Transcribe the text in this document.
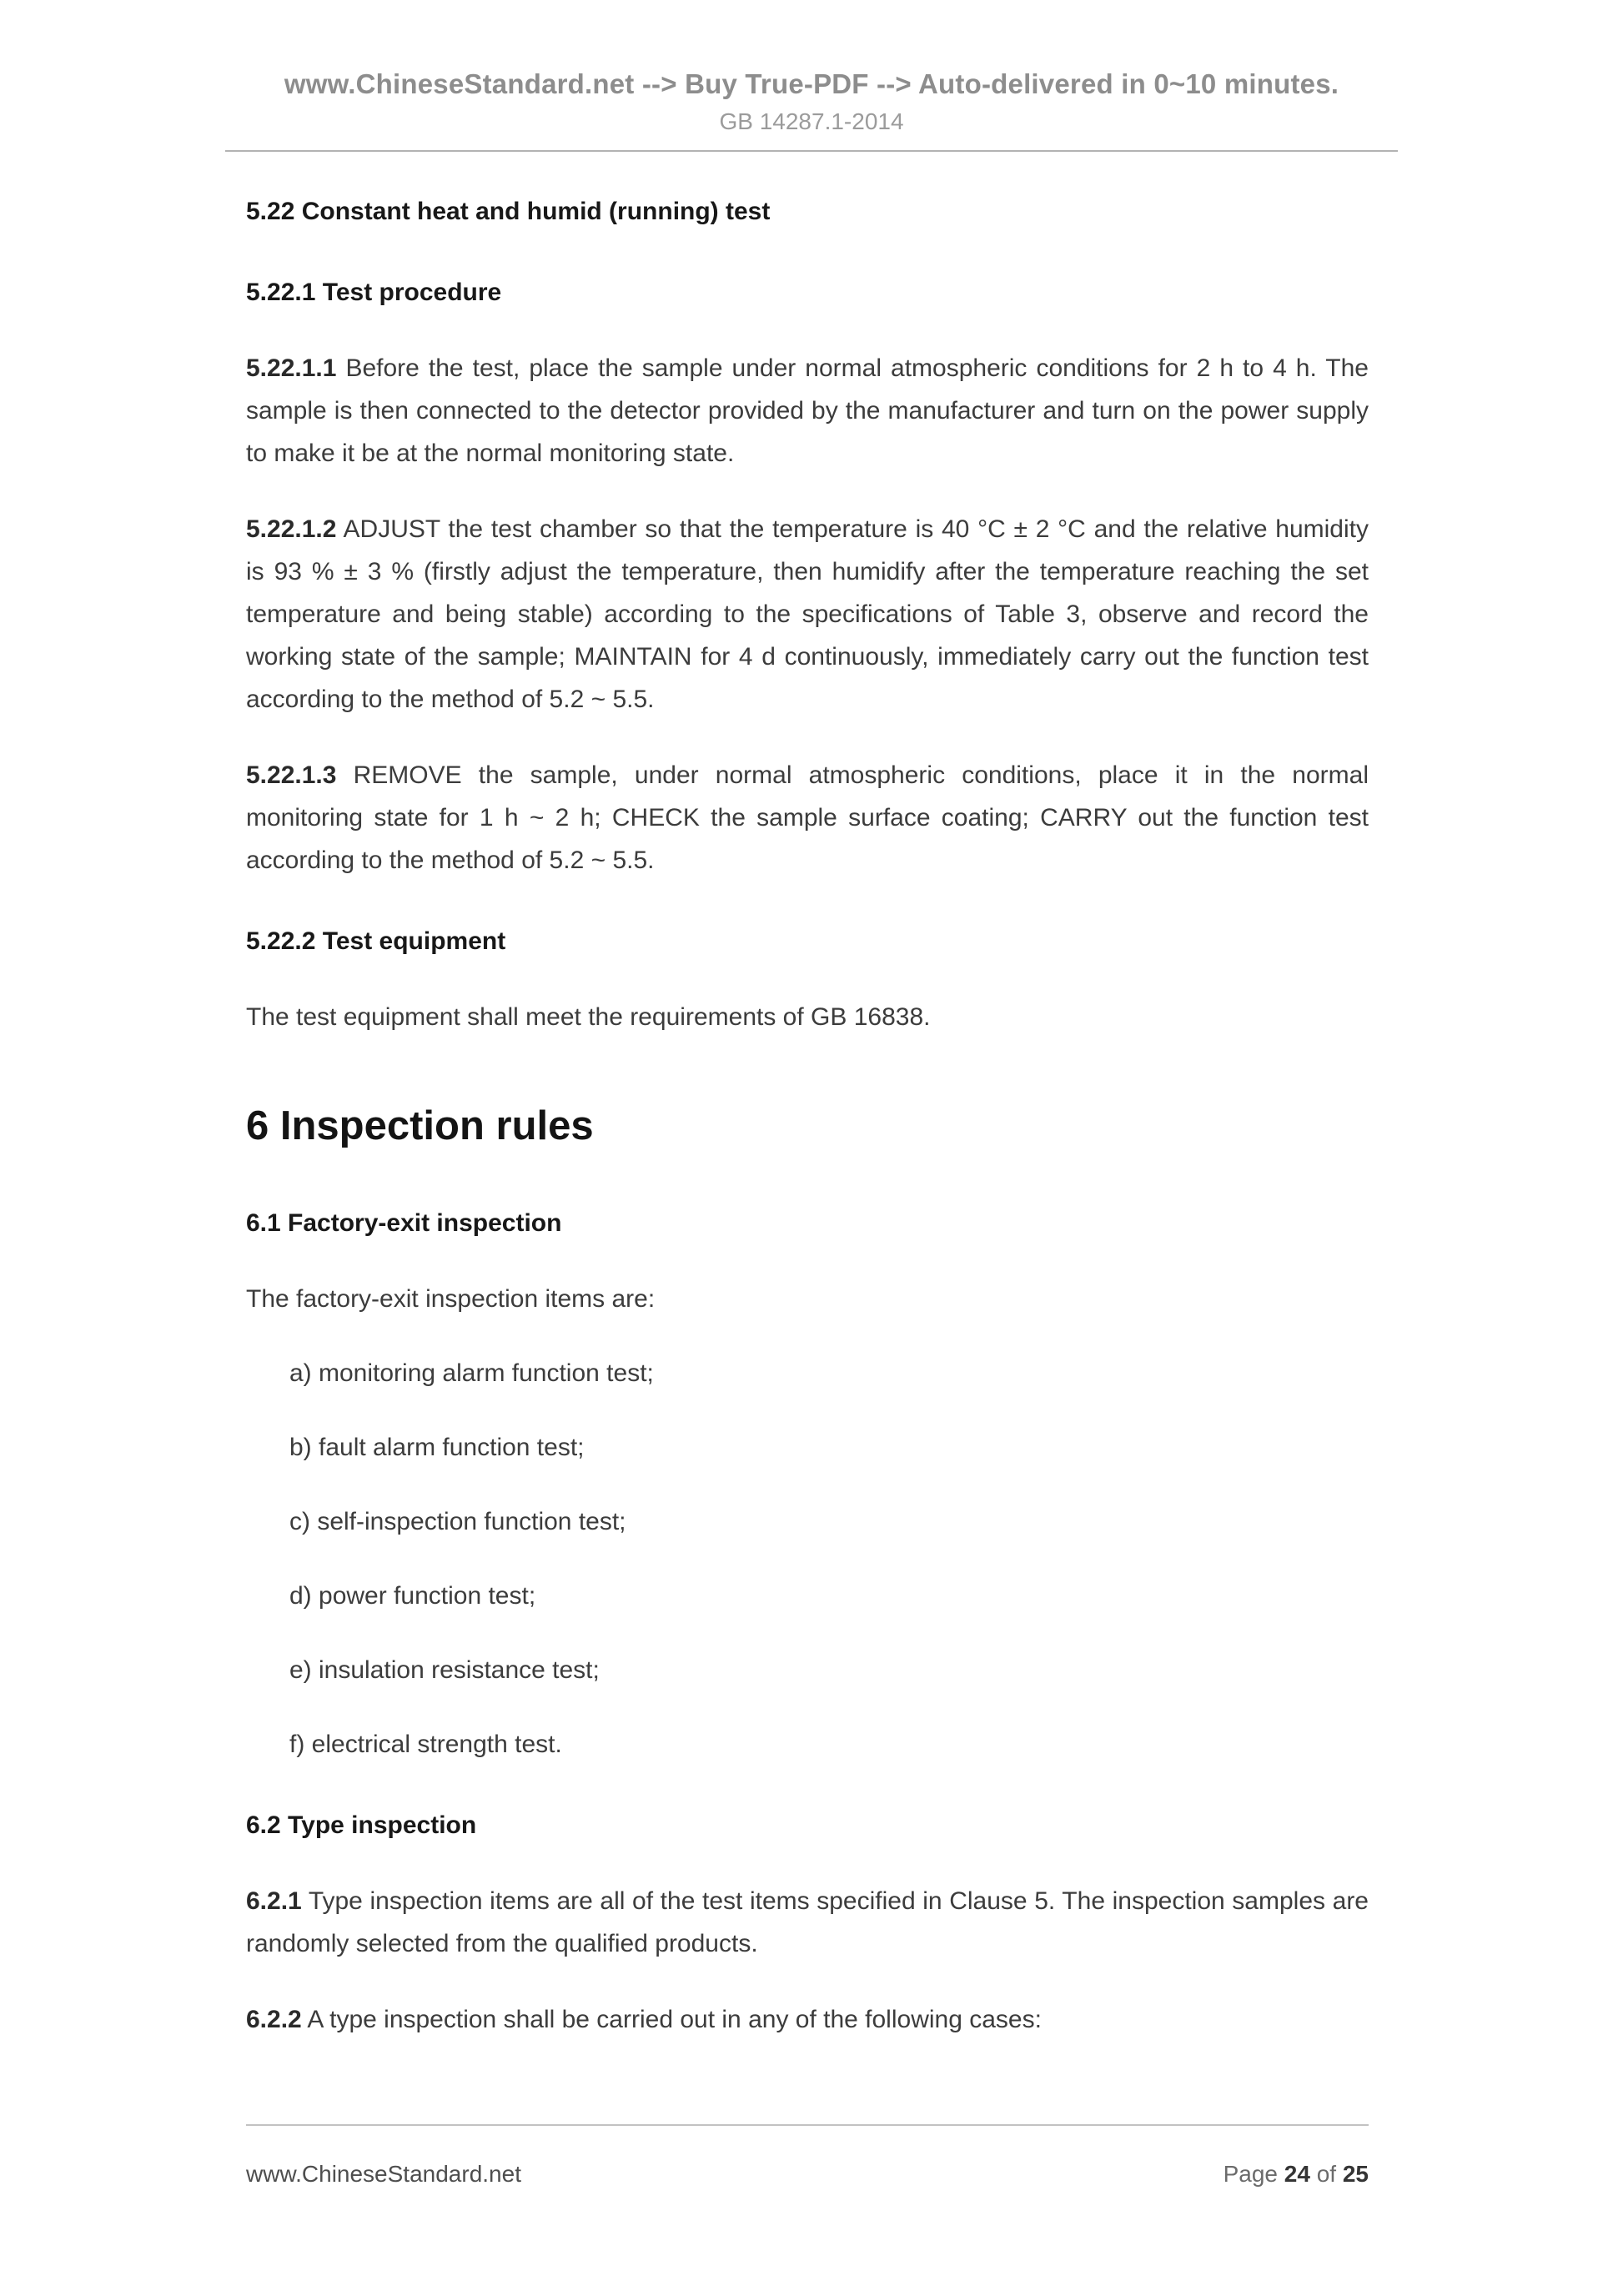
www.ChineseStandard.net --> Buy True-PDF --> Auto-delivered in 0~10 minutes.
GB 14287.1-2014
5.22 Constant heat and humid (running) test
5.22.1 Test procedure

5.22.1.1 Before the test, place the sample under normal atmospheric conditions for 2 h to 4 h. The sample is then connected to the detector provided by the manufacturer and turn on the power supply to make it be at the normal monitoring state.

5.22.1.2 ADJUST the test chamber so that the temperature is 40 °C ± 2 °C and the relative humidity is 93 % ± 3 % (firstly adjust the temperature, then humidify after the temperature reaching the set temperature and being stable) according to the specifications of Table 3, observe and record the working state of the sample; MAINTAIN for 4 d continuously, immediately carry out the function test according to the method of 5.2 ~ 5.5.

5.22.1.3 REMOVE the sample, under normal atmospheric conditions, place it in the normal monitoring state for 1 h ~ 2 h; CHECK the sample surface coating; CARRY out the function test according to the method of 5.2 ~ 5.5.

5.22.2 Test equipment

The test equipment shall meet the requirements of GB 16838.

6 Inspection rules
6.1 Factory-exit inspection

The factory-exit inspection items are:

a) monitoring alarm function test;

b) fault alarm function test;

c) self-inspection function test;

d) power function test;

e) insulation resistance test;

f) electrical strength test.

6.2 Type inspection

6.2.1 Type inspection items are all of the test items specified in Clause 5. The inspection samples are randomly selected from the qualified products.

6.2.2 A type inspection shall be carried out in any of the following cases:

www.ChineseStandard.net	Page 24 of 25
